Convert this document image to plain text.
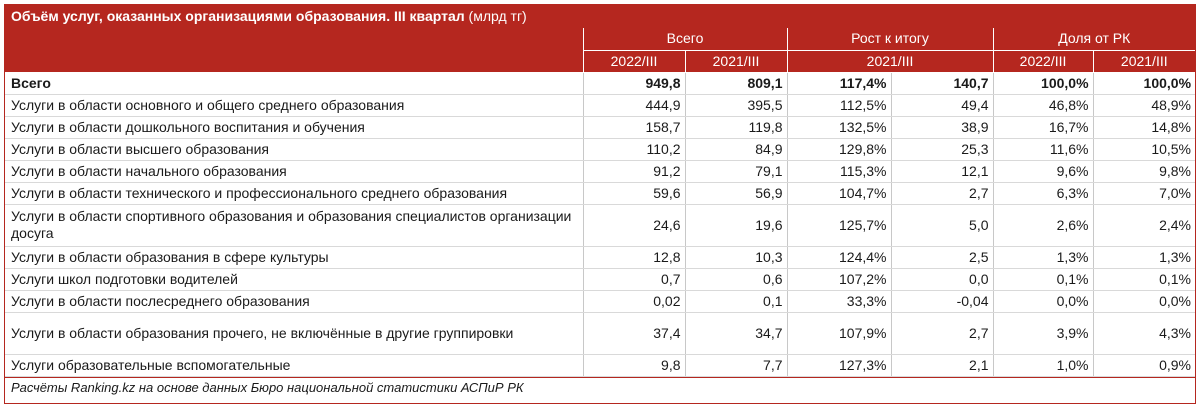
Объём услуг, оказанных организациями образования. III квартал (млрд тг)
	Всего		Рост к итогу		Доля от РК	
	2022/III	2021/III	2021/III		2022/III	2021/III
Всего	949,8	809,1	117,4%	140,7	100,0%	100,0%
Услуги в области основного и общего среднего образования	444,9	395,5	112,5%	49,4	46,8%	48,9%
Услуги в области дошкольного воспитания и обучения	158,7	119,8	132,5%	38,9	16,7%	14,8%
Услуги в области высшего образования	110,2	84,9	129,8%	25,3	11,6%	10,5%
Услуги в области начального образования	91,2	79,1	115,3%	12,1	9,6%	9,8%
Услуги в области технического и профессионального среднего образования	59,6	56,9	104,7%	2,7	6,3%	7,0%
Услуги в области спортивного образования и образования специалистов организации досуга	24,6	19,6	125,7%	5,0	2,6%	2,4%
Услуги в области образования в сфере культуры	12,8	10,3	124,4%	2,5	1,3%	1,3%
Услуги школ подготовки водителей	0,7	0,6	107,2%	0,0	0,1%	0,1%
Услуги в области послесреднего образования	0,02	0,1	33,3%	-0,04	0,0%	0,0%
Услуги в области образования прочего, не включённые в другие группировки	37,4	34,7	107,9%	2,7	3,9%	4,3%
Услуги образовательные вспомогательные	9,8	7,7	127,3%	2,1	1,0%	0,9%
Расчёты Ranking.kz на основе данных Бюро национальной статистики АСПиР РК
